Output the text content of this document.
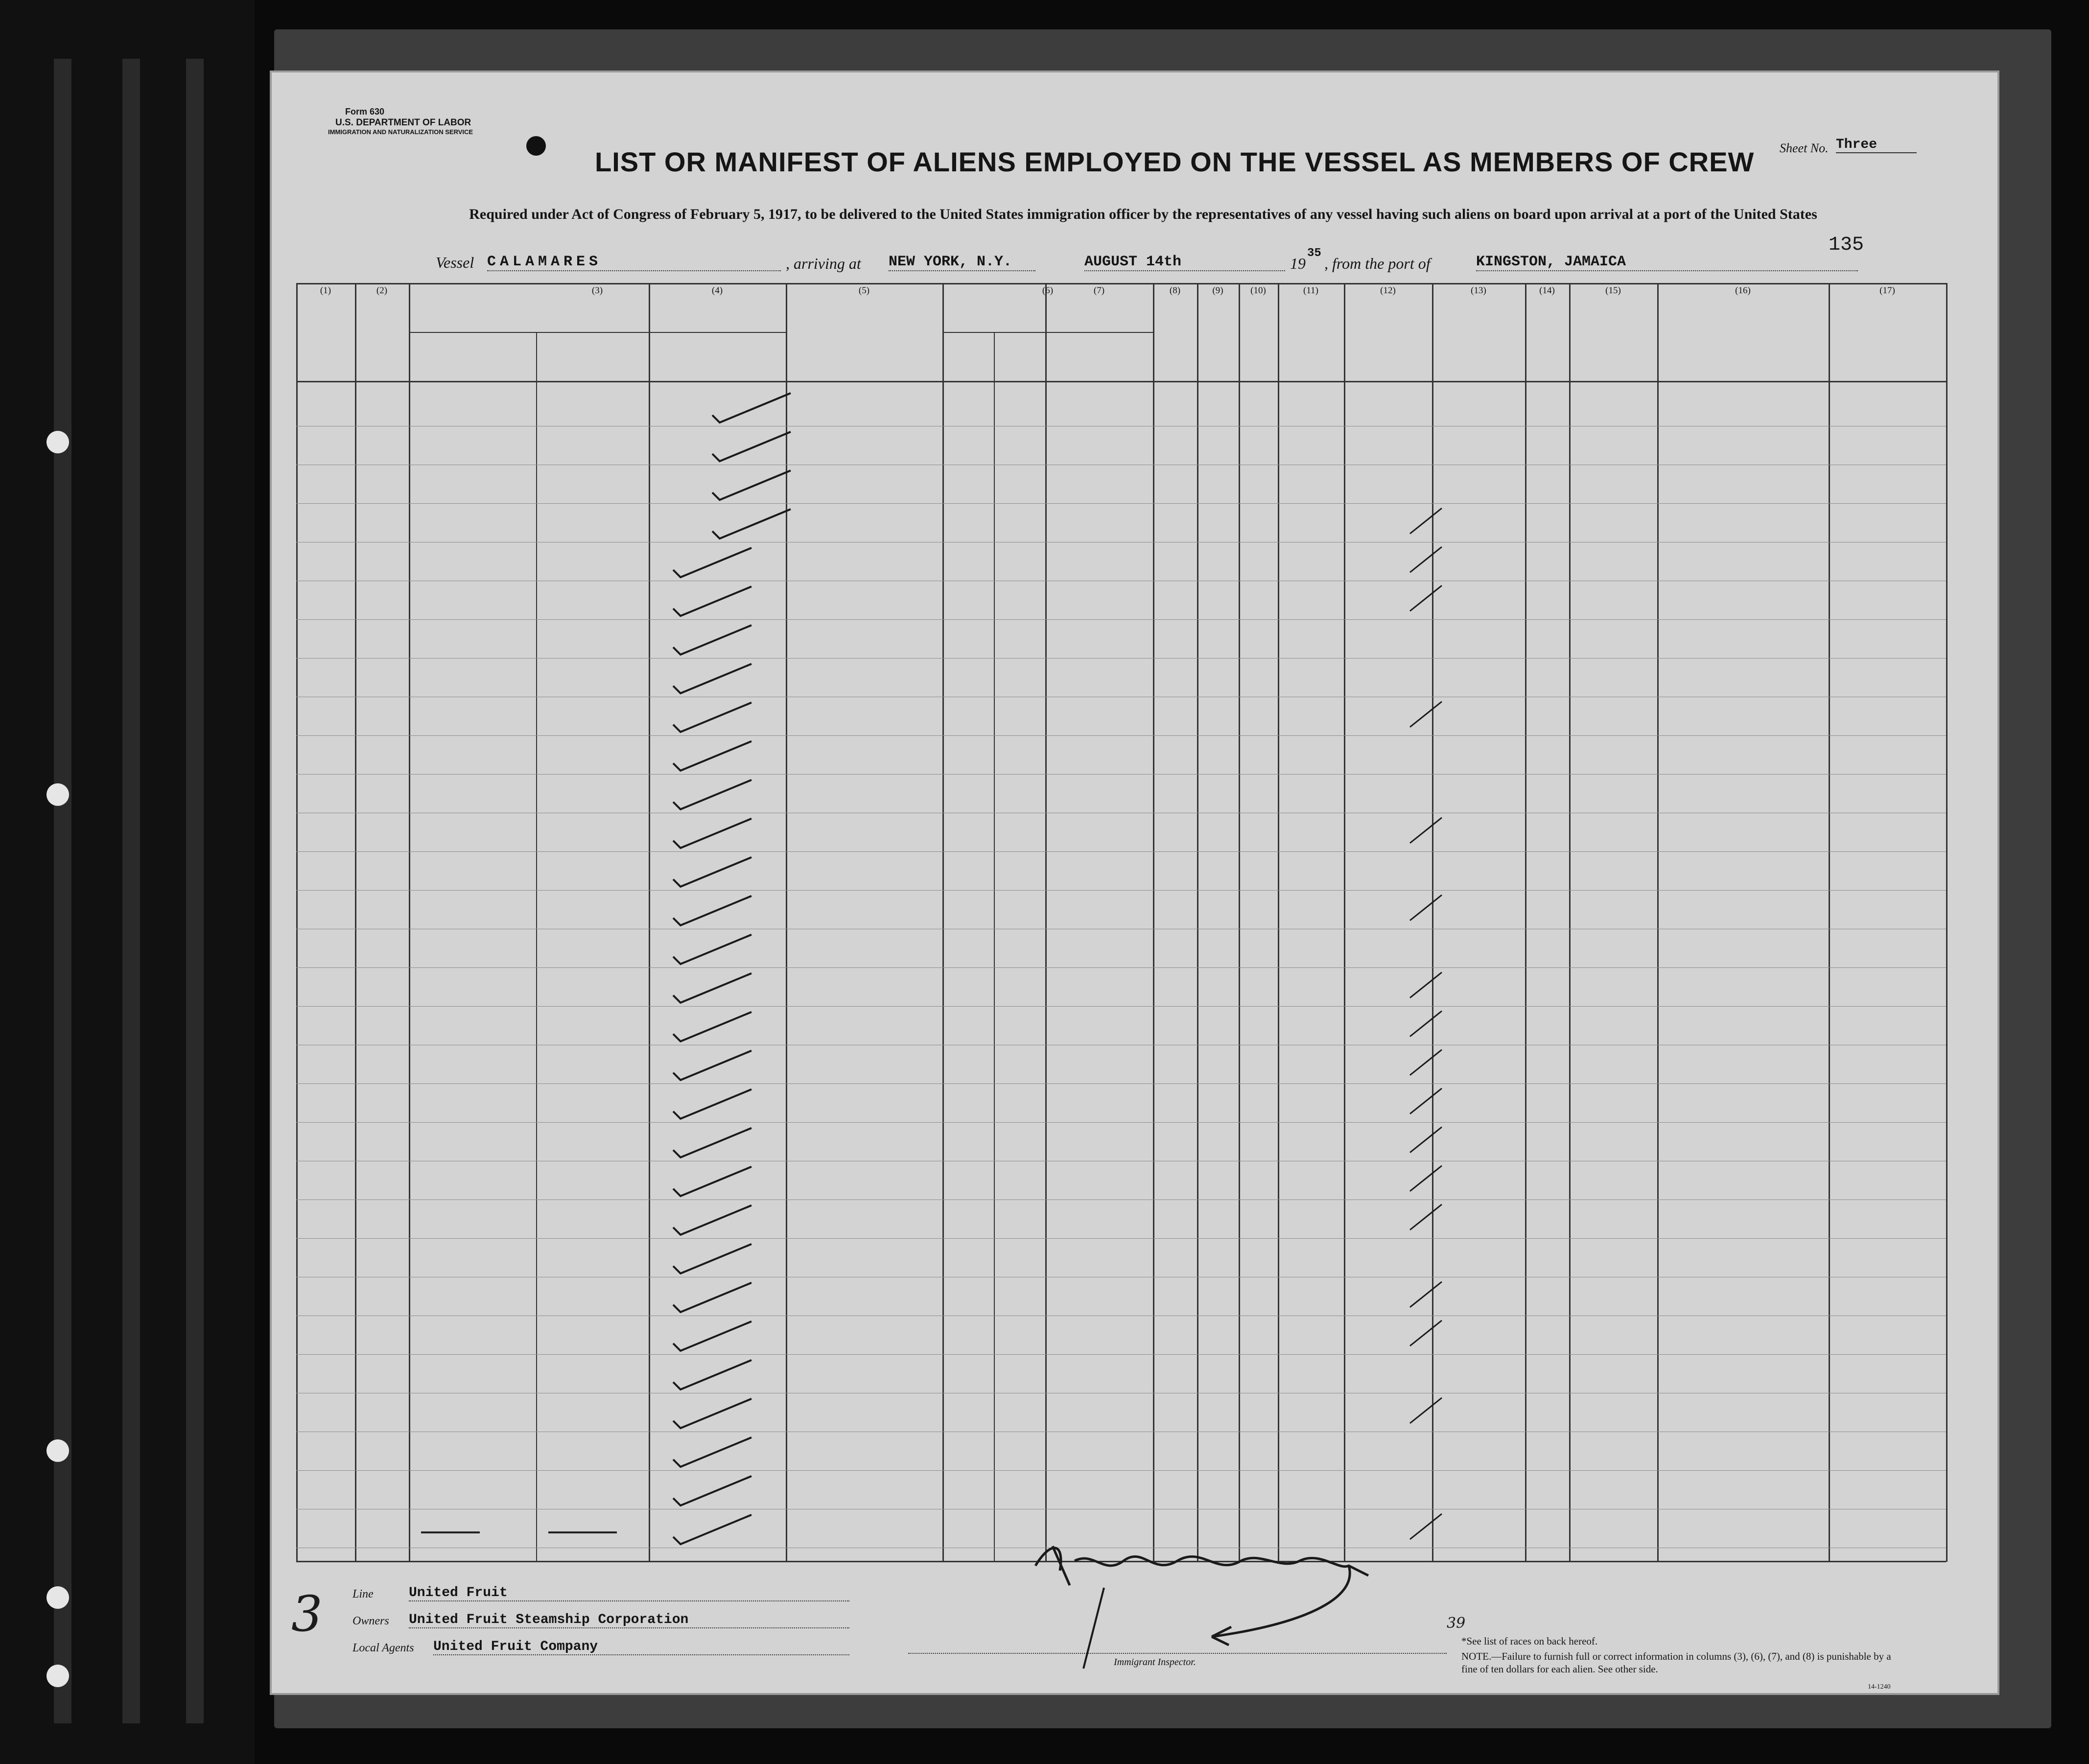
Form 630
U.S. DEPARTMENT OF LABOR
IMMIGRATION AND NATURALIZATION SERVICE
Sheet No. Three
LIST OR MANIFEST OF ALIENS EMPLOYED ON THE VESSEL AS MEMBERS OF CREW
Required under Act of Congress of February 5, 1917, to be delivered to the United States immigration officer by the representatives of any vessel having such aliens on board upon arrival at a port of the United States
135
Vessel CALAMARES	, arriving at NEW YORK, N.Y.	AUGUST 14th	19
35
, from the port of	KINGSTON, JAMAICA
(1)	(2)	(3)	(4)	(5)	(6)	(7)	(8)	(9)	(10)	(11)	(12)	(13)	(14)	(15)	(16)	(17)
3	Line	United Fruit
Owners United Fruit Steamship Corporation
Local Agents United Fruit Company
Immigrant Inspector.
39
*See list of races on back hereof.
NOTE.—Failure to furnish full or correct information in columns (3), (6), (7), and (8) is punishable by a fine of ten dollars for each alien. See other side.
14-1240
